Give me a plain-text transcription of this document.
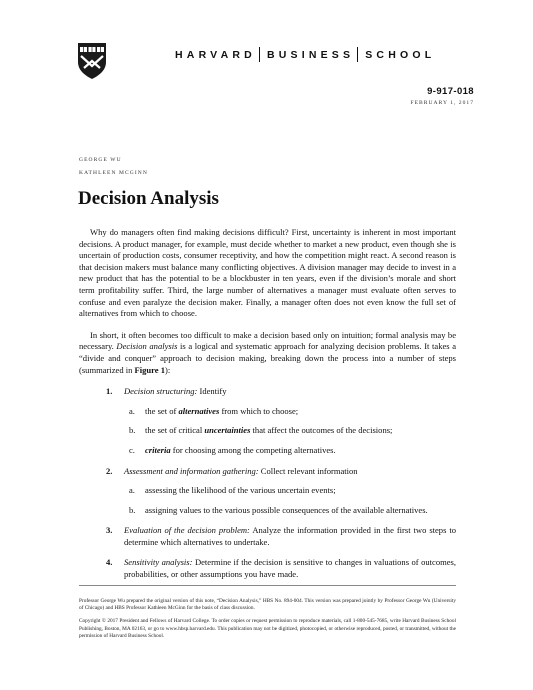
HARVARD BUSINESS SCHOOL
9-917-018
FEBRUARY 1, 2017
GEORGE WU
KATHLEEN MCGINN
Decision Analysis

Why do managers often find making decisions difficult? First, uncertainty is inherent in most important decisions. A product manager, for example, must decide whether to market a new product, even though she is uncertain of production costs, consumer receptivity, and how the competition might react. A second reason is that decision makers must balance many conflicting objectives. A division manager may decide to invest in a new product that has the potential to be a blockbuster in ten years, even if the division’s morale and short term profitability suffer. Third, the large number of alternatives a manager must evaluate often serves to confuse and even paralyze the decision maker. Finally, a manager often does not even know the full set of alternatives from which to choose.

In short, it often becomes too difficult to make a decision based only on intuition; formal analysis may be necessary. Decision analysis is a logical and systematic approach for analyzing decision problems. It takes a “divide and conquer” approach to decision making, breaking down the process into a number of steps (summarized in Figure 1):

1. Decision structuring: Identify
a. the set of alternatives from which to choose;
b. the set of critical uncertainties that affect the outcomes of the decisions;
c. criteria for choosing among the competing alternatives.
2. Assessment and information gathering: Collect relevant information
a. assessing the likelihood of the various uncertain events;
b. assigning values to the various possible consequences of the available alternatives.
3. Evaluation of the decision problem: Analyze the information provided in the first two steps to determine which alternatives to undertake.
4. Sensitivity analysis: Determine if the decision is sensitive to changes in valuations of outcomes, probabilities, or other assumptions you have made.

Professor George Wu prepared the original version of this note, “Decision Analysis,” HBS No. 894-004. This version was prepared jointly by Professor George Wu (University of Chicago) and HBS Professor Kathleen McGinn for the basis of class discussion.

Copyright © 2017 President and Fellows of Harvard College. To order copies or request permission to reproduce materials, call 1-800-545-7685, write Harvard Business School Publishing, Boston, MA 02163, or go to www.hbsp.harvard.edu. This publication may not be digitized, photocopied, or otherwise reproduced, posted, or transmitted, without the permission of Harvard Business School.
